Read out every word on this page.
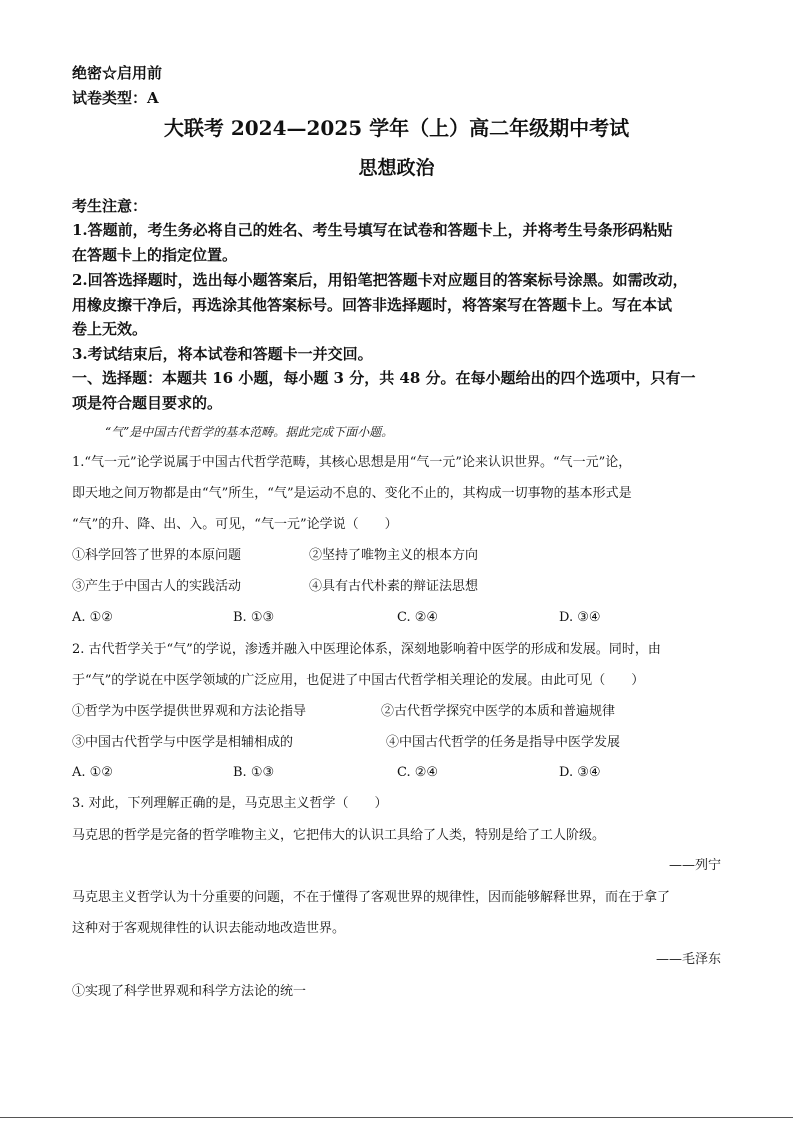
绝密☆启用前
试卷类型：A
大联考 2024—2025 学年（上）高二年级期中考试
思想政治
考生注意：
1.答题前，考生务必将自己的姓名、考生号填写在试卷和答题卡上，并将考生号条形码粘贴
在答题卡上的指定位置。
2.回答选择题时，选出每小题答案后，用铅笔把答题卡对应题目的答案标号涂黑。如需改动，
用橡皮擦干净后，再选涂其他答案标号。回答非选择题时，将答案写在答题卡上。写在本试
卷上无效。
3.考试结束后，将本试卷和答题卡一并交回。
一、选择题：本题共 16 小题，每小题 3 分，共 48 分。在每小题给出的四个选项中，只有一
项是符合题目要求的。
“气”是中国古代哲学的基本范畴。据此完成下面小题。
1.“气一元”论学说属于中国古代哲学范畴，其核心思想是用“气一元”论来认识世界。“气一元”论，
即天地之间万物都是由“气”所生，“气”是运动不息的、变化不止的，其构成一切事物的基本形式是
“气”的升、降、出、入。可见，“气一元”论学说（　　）
①科学回答了世界的本原问题	②坚持了唯物主义的根本方向
③产生于中国古人的实践活动	④具有古代朴素的辩证法思想
A. ①②	B. ①③	C. ②④	D. ③④
2. 古代哲学关于“气”的学说，渗透并融入中医理论体系，深刻地影响着中医学的形成和发展。同时，由
于“气”的学说在中医学领域的广泛应用，也促进了中国古代哲学相关理论的发展。由此可见（　　）
①哲学为中医学提供世界观和方法论指导	②古代哲学探究中医学的本质和普遍规律
③中国古代哲学与中医学是相辅相成的	④中国古代哲学的任务是指导中医学发展
A. ①②	B. ①③	C. ②④	D. ③④
3. 对此，下列理解正确的是，马克思主义哲学（　　）
马克思的哲学是完备的哲学唯物主义，它把伟大的认识工具给了人类，特别是给了工人阶级。
——列宁
马克思主义哲学认为十分重要的问题，不在于懂得了客观世界的规律性，因而能够解释世界，而在于拿了
这种对于客观规律性的认识去能动地改造世界。
——毛泽东
①实现了科学世界观和科学方法论的统一
